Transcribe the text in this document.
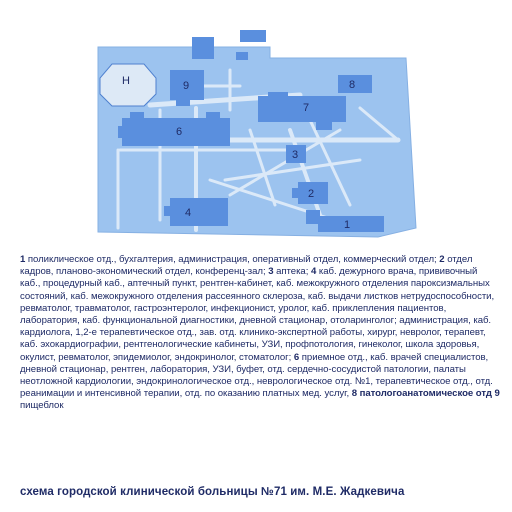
H	9
6
7
8
3
2
4
1
1 поликлическое отд., бухгалтерия, администрация, оперативный отдел, коммерческий отдел; 2 отдел кадров, планово-экономический отдел, конференц-зал; 3 аптека; 4 каб. дежурного врача, прививочный каб., процедурный каб., аптечный пункт, рентген-кабинет, каб. межокружного отделения пароксизмальных состояний, каб. межокружного отделения рассеянного склероза, каб. выдачи листков нетрудоспособности, ревматолог, травматолог, гастроэнтеролог, инфекционист, уролог, каб. приклепления пациентов, лаборатория, каб. функциональной диагностики, дневной стационар, отоларинголог; администрация, каб. кардиолога, 1,2-е терапевтическое отд., зав. отд. клинико-экспертной работы, хирург, невролог, терапевт, каб. эхокардиографии, рентгенологические кабинеты, УЗИ, профпотология, гинеколог, школа здоровья, окулист, ревматолог, эпидемиолог, эндокринолог, стоматолог; 6 приемное отд., каб. врачей специалистов, дневной стационар, рентген, лаборатория, УЗИ, буфет, отд. сердечно-сосудистой патологии, палаты неотложной кардиологии, эндокринологическое отд., неврологическое отд. №1, терапевтическое отд., отд. реанимации и интенсивной терапии, отд. по оказанию платных мед. услуг, 8 патологоанатомическое отд 9 пищеблок
схема городской клинической больницы №71 им. М.Е. Жадкевича
